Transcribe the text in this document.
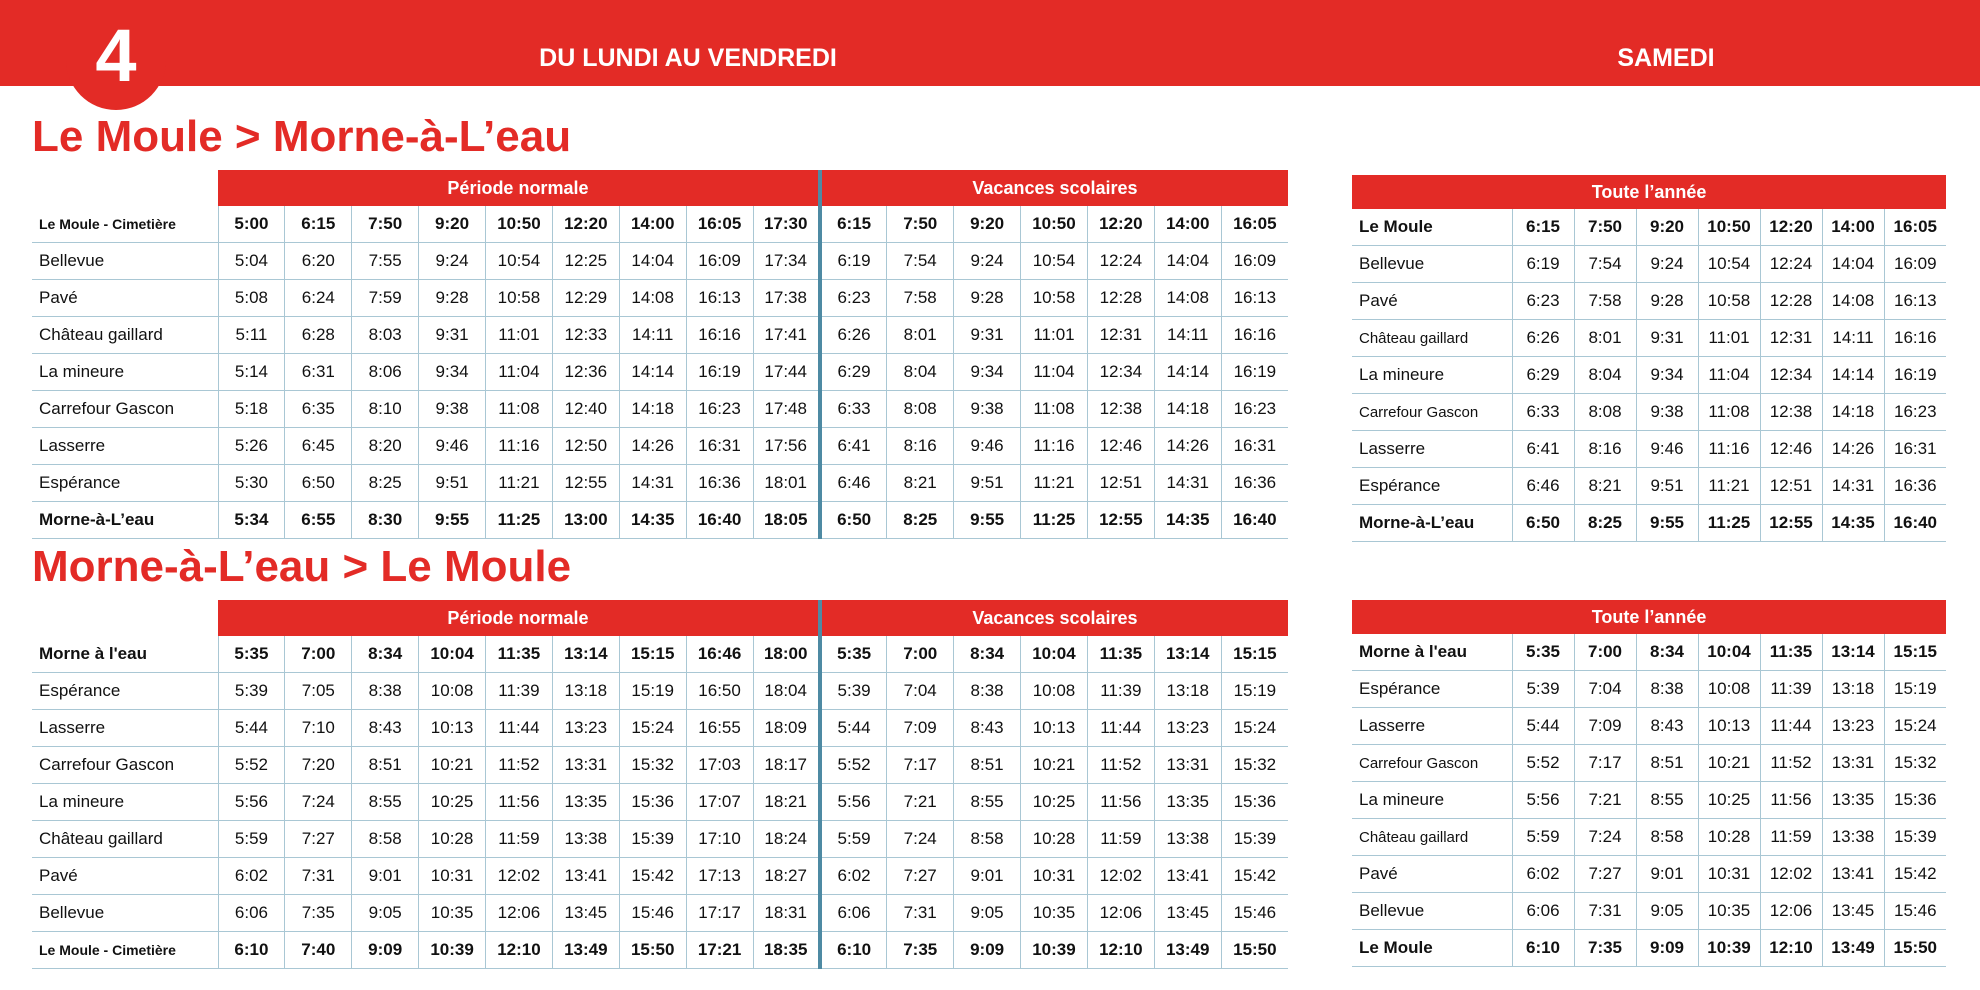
4	DU LUNDI AU VENDREDI	SAMEDI
Le Moule > Morne-à-L’eau
Morne-à-L’eau > Le Moule
	Période normale									Vacances scolaires						
Le Moule - Cimetière	5:00	6:15	7:50	9:20	10:50	12:20	14:00	16:05	17:30	6:15	7:50	9:20	10:50	12:20	14:00	16:05
Bellevue	5:04	6:20	7:55	9:24	10:54	12:25	14:04	16:09	17:34	6:19	7:54	9:24	10:54	12:24	14:04	16:09
Pavé	5:08	6:24	7:59	9:28	10:58	12:29	14:08	16:13	17:38	6:23	7:58	9:28	10:58	12:28	14:08	16:13
Château gaillard	5:11	6:28	8:03	9:31	11:01	12:33	14:11	16:16	17:41	6:26	8:01	9:31	11:01	12:31	14:11	16:16
La mineure	5:14	6:31	8:06	9:34	11:04	12:36	14:14	16:19	17:44	6:29	8:04	9:34	11:04	12:34	14:14	16:19
Carrefour Gascon	5:18	6:35	8:10	9:38	11:08	12:40	14:18	16:23	17:48	6:33	8:08	9:38	11:08	12:38	14:18	16:23
Lasserre	5:26	6:45	8:20	9:46	11:16	12:50	14:26	16:31	17:56	6:41	8:16	9:46	11:16	12:46	14:26	16:31
Espérance	5:30	6:50	8:25	9:51	11:21	12:55	14:31	16:36	18:01	6:46	8:21	9:51	11:21	12:51	14:31	16:36
Morne-à-L’eau	5:34	6:55	8:30	9:55	11:25	13:00	14:35	16:40	18:05	6:50	8:25	9:55	11:25	12:55	14:35	16:40
Toute l’année							
Le Moule	6:15	7:50	9:20	10:50	12:20	14:00	16:05
Bellevue	6:19	7:54	9:24	10:54	12:24	14:04	16:09
Pavé	6:23	7:58	9:28	10:58	12:28	14:08	16:13
Château gaillard	6:26	8:01	9:31	11:01	12:31	14:11	16:16
La mineure	6:29	8:04	9:34	11:04	12:34	14:14	16:19
Carrefour Gascon	6:33	8:08	9:38	11:08	12:38	14:18	16:23
Lasserre	6:41	8:16	9:46	11:16	12:46	14:26	16:31
Espérance	6:46	8:21	9:51	11:21	12:51	14:31	16:36
Morne-à-L’eau	6:50	8:25	9:55	11:25	12:55	14:35	16:40
	Période normale									Vacances scolaires						
Morne à l'eau	5:35	7:00	8:34	10:04	11:35	13:14	15:15	16:46	18:00	5:35	7:00	8:34	10:04	11:35	13:14	15:15
Espérance	5:39	7:05	8:38	10:08	11:39	13:18	15:19	16:50	18:04	5:39	7:04	8:38	10:08	11:39	13:18	15:19
Lasserre	5:44	7:10	8:43	10:13	11:44	13:23	15:24	16:55	18:09	5:44	7:09	8:43	10:13	11:44	13:23	15:24
Carrefour Gascon	5:52	7:20	8:51	10:21	11:52	13:31	15:32	17:03	18:17	5:52	7:17	8:51	10:21	11:52	13:31	15:32
La mineure	5:56	7:24	8:55	10:25	11:56	13:35	15:36	17:07	18:21	5:56	7:21	8:55	10:25	11:56	13:35	15:36
Château gaillard	5:59	7:27	8:58	10:28	11:59	13:38	15:39	17:10	18:24	5:59	7:24	8:58	10:28	11:59	13:38	15:39
Pavé	6:02	7:31	9:01	10:31	12:02	13:41	15:42	17:13	18:27	6:02	7:27	9:01	10:31	12:02	13:41	15:42
Bellevue	6:06	7:35	9:05	10:35	12:06	13:45	15:46	17:17	18:31	6:06	7:31	9:05	10:35	12:06	13:45	15:46
Le Moule - Cimetière	6:10	7:40	9:09	10:39	12:10	13:49	15:50	17:21	18:35	6:10	7:35	9:09	10:39	12:10	13:49	15:50
Toute l’année							
Morne à l'eau	5:35	7:00	8:34	10:04	11:35	13:14	15:15
Espérance	5:39	7:04	8:38	10:08	11:39	13:18	15:19
Lasserre	5:44	7:09	8:43	10:13	11:44	13:23	15:24
Carrefour Gascon	5:52	7:17	8:51	10:21	11:52	13:31	15:32
La mineure	5:56	7:21	8:55	10:25	11:56	13:35	15:36
Château gaillard	5:59	7:24	8:58	10:28	11:59	13:38	15:39
Pavé	6:02	7:27	9:01	10:31	12:02	13:41	15:42
Bellevue	6:06	7:31	9:05	10:35	12:06	13:45	15:46
Le Moule	6:10	7:35	9:09	10:39	12:10	13:49	15:50
